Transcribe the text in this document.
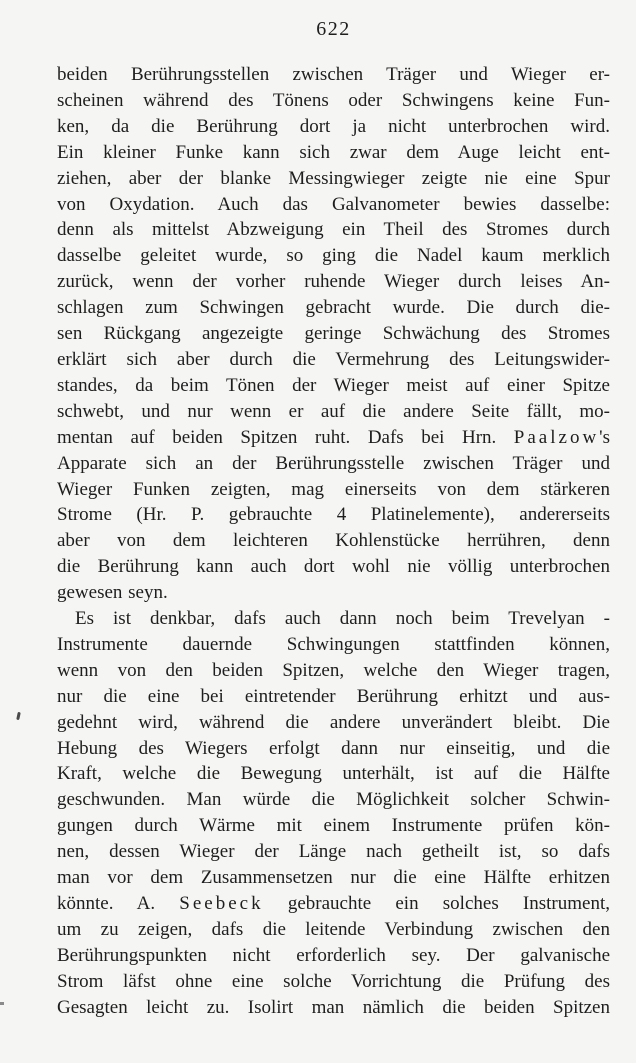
622
beiden Berührungsstellen zwischen Träger und Wieger er-
scheinen während des Tönens oder Schwingens keine Fun-
ken, da die Berührung dort ja nicht unterbrochen wird.
Ein kleiner Funke kann sich zwar dem Auge leicht ent-
ziehen, aber der blanke Messingwieger zeigte nie eine Spur
von Oxydation. Auch das Galvanometer bewies dasselbe:
denn als mittelst Abzweigung ein Theil des Stromes durch
dasselbe geleitet wurde, so ging die Nadel kaum merklich
zurück, wenn der vorher ruhende Wieger durch leises An-
schlagen zum Schwingen gebracht wurde. Die durch die-
sen Rückgang angezeigte geringe Schwächung des Stromes
erklärt sich aber durch die Vermehrung des Leitungswider-
standes, da beim Tönen der Wieger meist auf einer Spitze
schwebt, und nur wenn er auf die andere Seite fällt, mo-
mentan auf beiden Spitzen ruht. Dafs bei Hrn. Paalzow's
Apparate sich an der Berührungsstelle zwischen Träger und
Wieger Funken zeigten, mag einerseits von dem stärkeren
Strome (Hr. P. gebrauchte 4 Platinelemente), andererseits
aber von dem leichteren Kohlenstücke herrühren, denn
die Berührung kann auch dort wohl nie völlig unterbrochen
gewesen seyn.
Es ist denkbar, dafs auch dann noch beim Trevelyan -
Instrumente dauernde Schwingungen stattfinden können,
wenn von den beiden Spitzen, welche den Wieger tragen,
nur die eine bei eintretender Berührung erhitzt und aus-
gedehnt wird, während die andere unverändert bleibt. Die
Hebung des Wiegers erfolgt dann nur einseitig, und die
Kraft, welche die Bewegung unterhält, ist auf die Hälfte
geschwunden. Man würde die Möglichkeit solcher Schwin-
gungen durch Wärme mit einem Instrumente prüfen kön-
nen, dessen Wieger der Länge nach getheilt ist, so dafs
man vor dem Zusammensetzen nur die eine Hälfte erhitzen
könnte. A. Seebeck gebrauchte ein solches Instrument,
um zu zeigen, dafs die leitende Verbindung zwischen den
Berührungspunkten nicht erforderlich sey. Der galvanische
Strom läfst ohne eine solche Vorrichtung die Prüfung des
Gesagten leicht zu. Isolirt man nämlich die beiden Spitzen
